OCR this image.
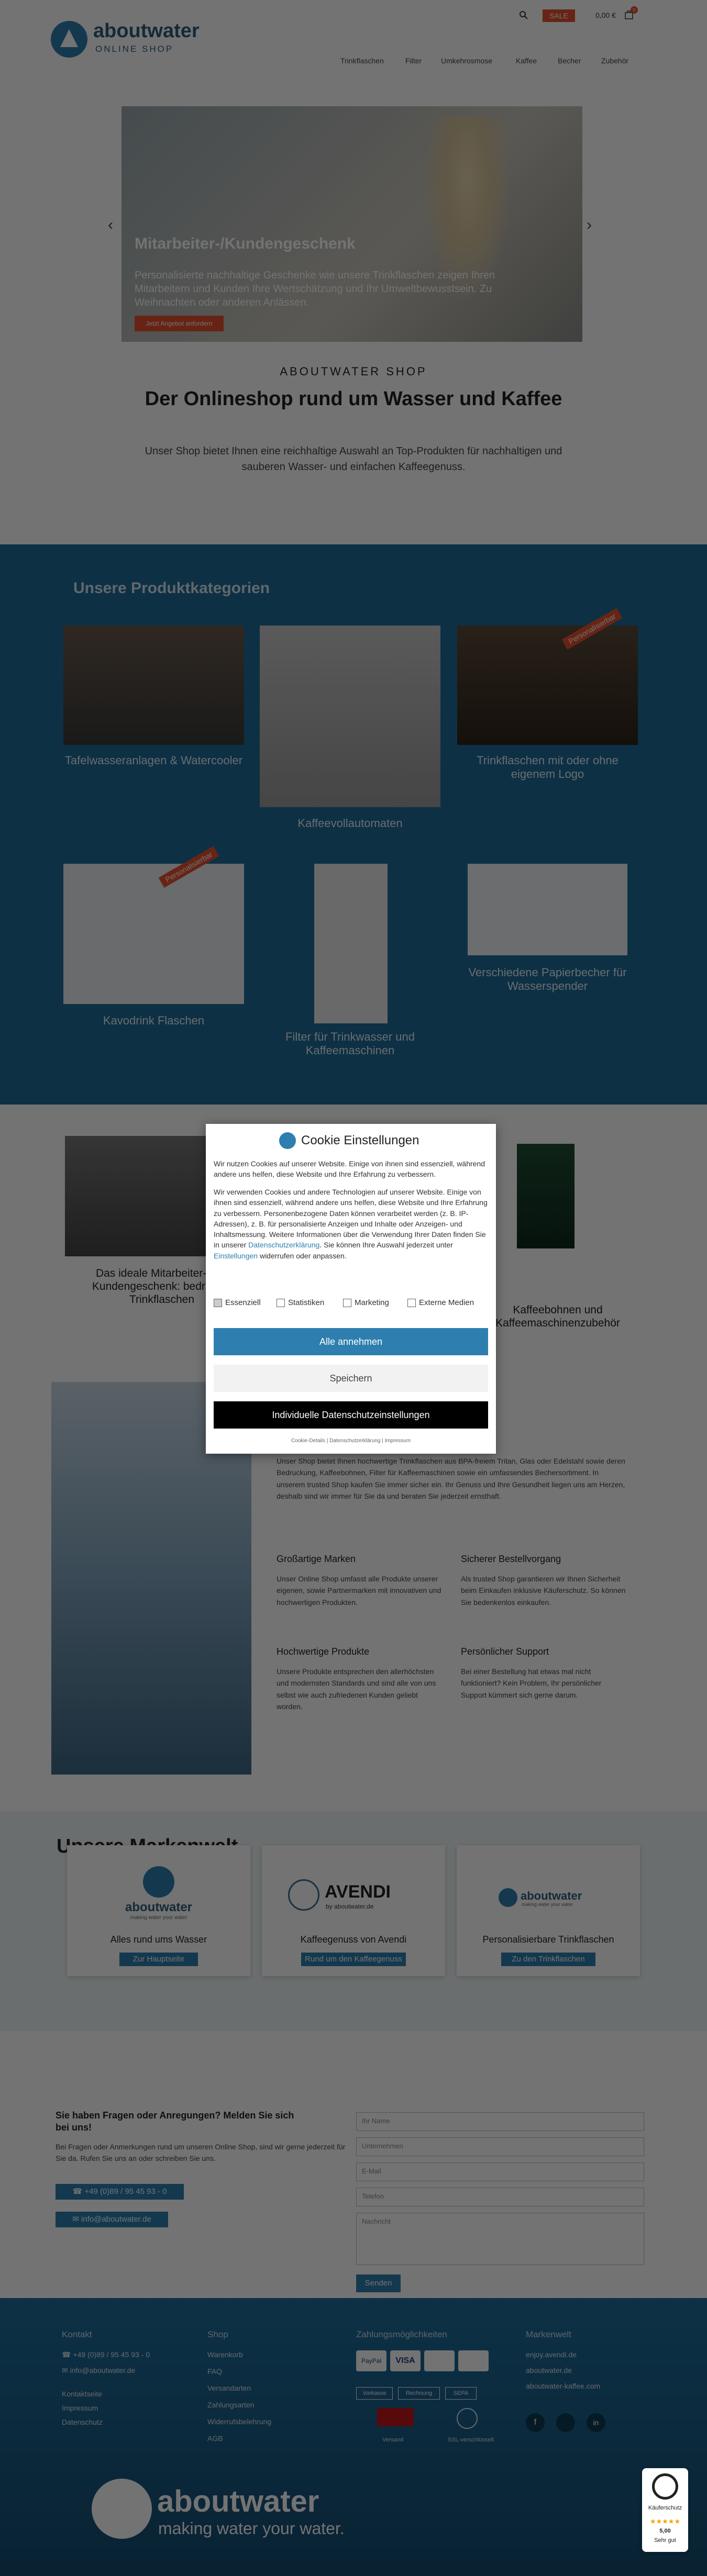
Käuferschutz
★★★★★
5,00
Sehr gut
Cookie Einstellungen

Wir nutzen Cookies auf unserer Website. Einige von ihnen sind essenziell, während andere uns helfen, diese Website und Ihre Erfahrung zu verbessern.

Wir verwenden Cookies und andere Technologien auf unserer Website. Einige von ihnen sind essenziell, während andere uns helfen, diese Website und Ihre Erfahrung zu verbessern. Personenbezogene Daten können verarbeitet werden (z. B. IP-Adressen), z. B. für personalisierte Anzeigen und Inhalte oder Anzeigen- und Inhaltsmessung. Weitere Informationen über die Verwendung Ihrer Daten finden Sie in unserer Datenschutzerklärung. Sie können Ihre Auswahl jederzeit unter Einstellungen widerrufen oder anpassen.

Essenziell	Statistiken	Marketing	Externe Medien
Alle annehmen
Speichern
Individuelle Datenschutzeinstellungen
Cookie-Details | Datenschutzerklärung | Impressum
